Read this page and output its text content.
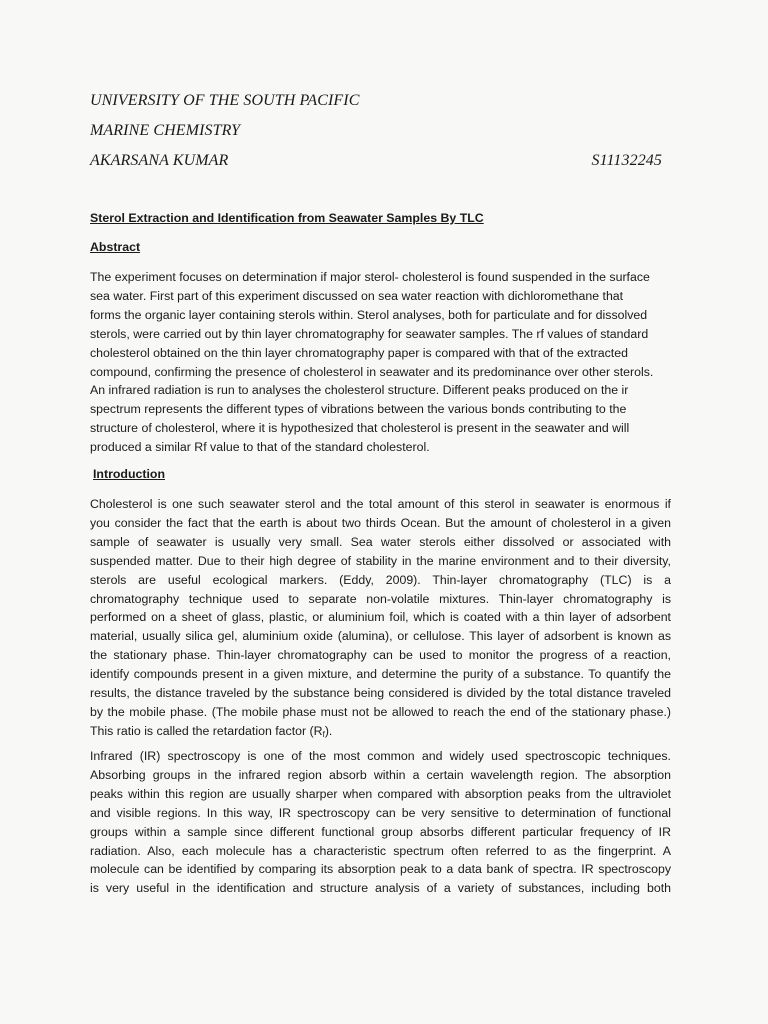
UNIVERSITY OF THE SOUTH PACIFIC
MARINE CHEMISTRY
AKARSANA KUMAR	S11132245
Sterol Extraction and Identification from Seawater Samples By TLC
Abstract
The experiment focuses on determination if major sterol- cholesterol is found suspended in the surface
sea water. First part of this experiment discussed on sea water reaction with dichloromethane that
forms the organic layer containing sterols within. Sterol analyses, both for particulate and for dissolved
sterols, were carried out by thin layer chromatography for seawater samples. The rf values of standard
cholesterol obtained on the thin layer chromatography paper is compared with that of the extracted
compound, confirming the presence of cholesterol in seawater and its predominance over other sterols.
An infrared radiation is run to analyses the cholesterol structure. Different peaks produced on the ir
spectrum represents the different types of vibrations between the various bonds contributing to the
structure of cholesterol, where it is hypothesized that cholesterol is present in the seawater and will
produced a similar Rf value to that of the standard cholesterol.
Introduction
Cholesterol is one such seawater sterol and the total amount of this sterol in seawater is enormous if
you consider the fact that the earth is about two thirds Ocean. But the amount of cholesterol in a given
sample of seawater is usually very small. Sea water sterols either dissolved or associated with
suspended matter. Due to their high degree of stability in the marine environment and to their diversity,
sterols are useful ecological markers. (Eddy, 2009). Thin-layer chromatography (TLC) is a
chromatography technique used to separate non-volatile mixtures. Thin-layer chromatography is
performed on a sheet of glass, plastic, or aluminium foil, which is coated with a thin layer of adsorbent
material, usually silica gel, aluminium oxide (alumina), or cellulose. This layer of adsorbent is known as
the stationary phase. Thin-layer chromatography can be used to monitor the progress of a reaction,
identify compounds present in a given mixture, and determine the purity of a substance. To quantify the
results, the distance traveled by the substance being considered is divided by the total distance traveled
by the mobile phase. (The mobile phase must not be allowed to reach the end of the stationary phase.)
This ratio is called the retardation factor $(R_f)$.
Infrared (IR) spectroscopy is one of the most common and widely used spectroscopic techniques.
Absorbing groups in the infrared region absorb within a certain wavelength region. The absorption
peaks within this region are usually sharper when compared with absorption peaks from the ultraviolet
and visible regions. In this way, IR spectroscopy can be very sensitive to determination of functional
groups within a sample since different functional group absorbs different particular frequency of IR
radiation. Also, each molecule has a characteristic spectrum often referred to as the fingerprint. A
molecule can be identified by comparing its absorption peak to a data bank of spectra. IR spectroscopy
is very useful in the identification and structure analysis of a variety of substances, including both
